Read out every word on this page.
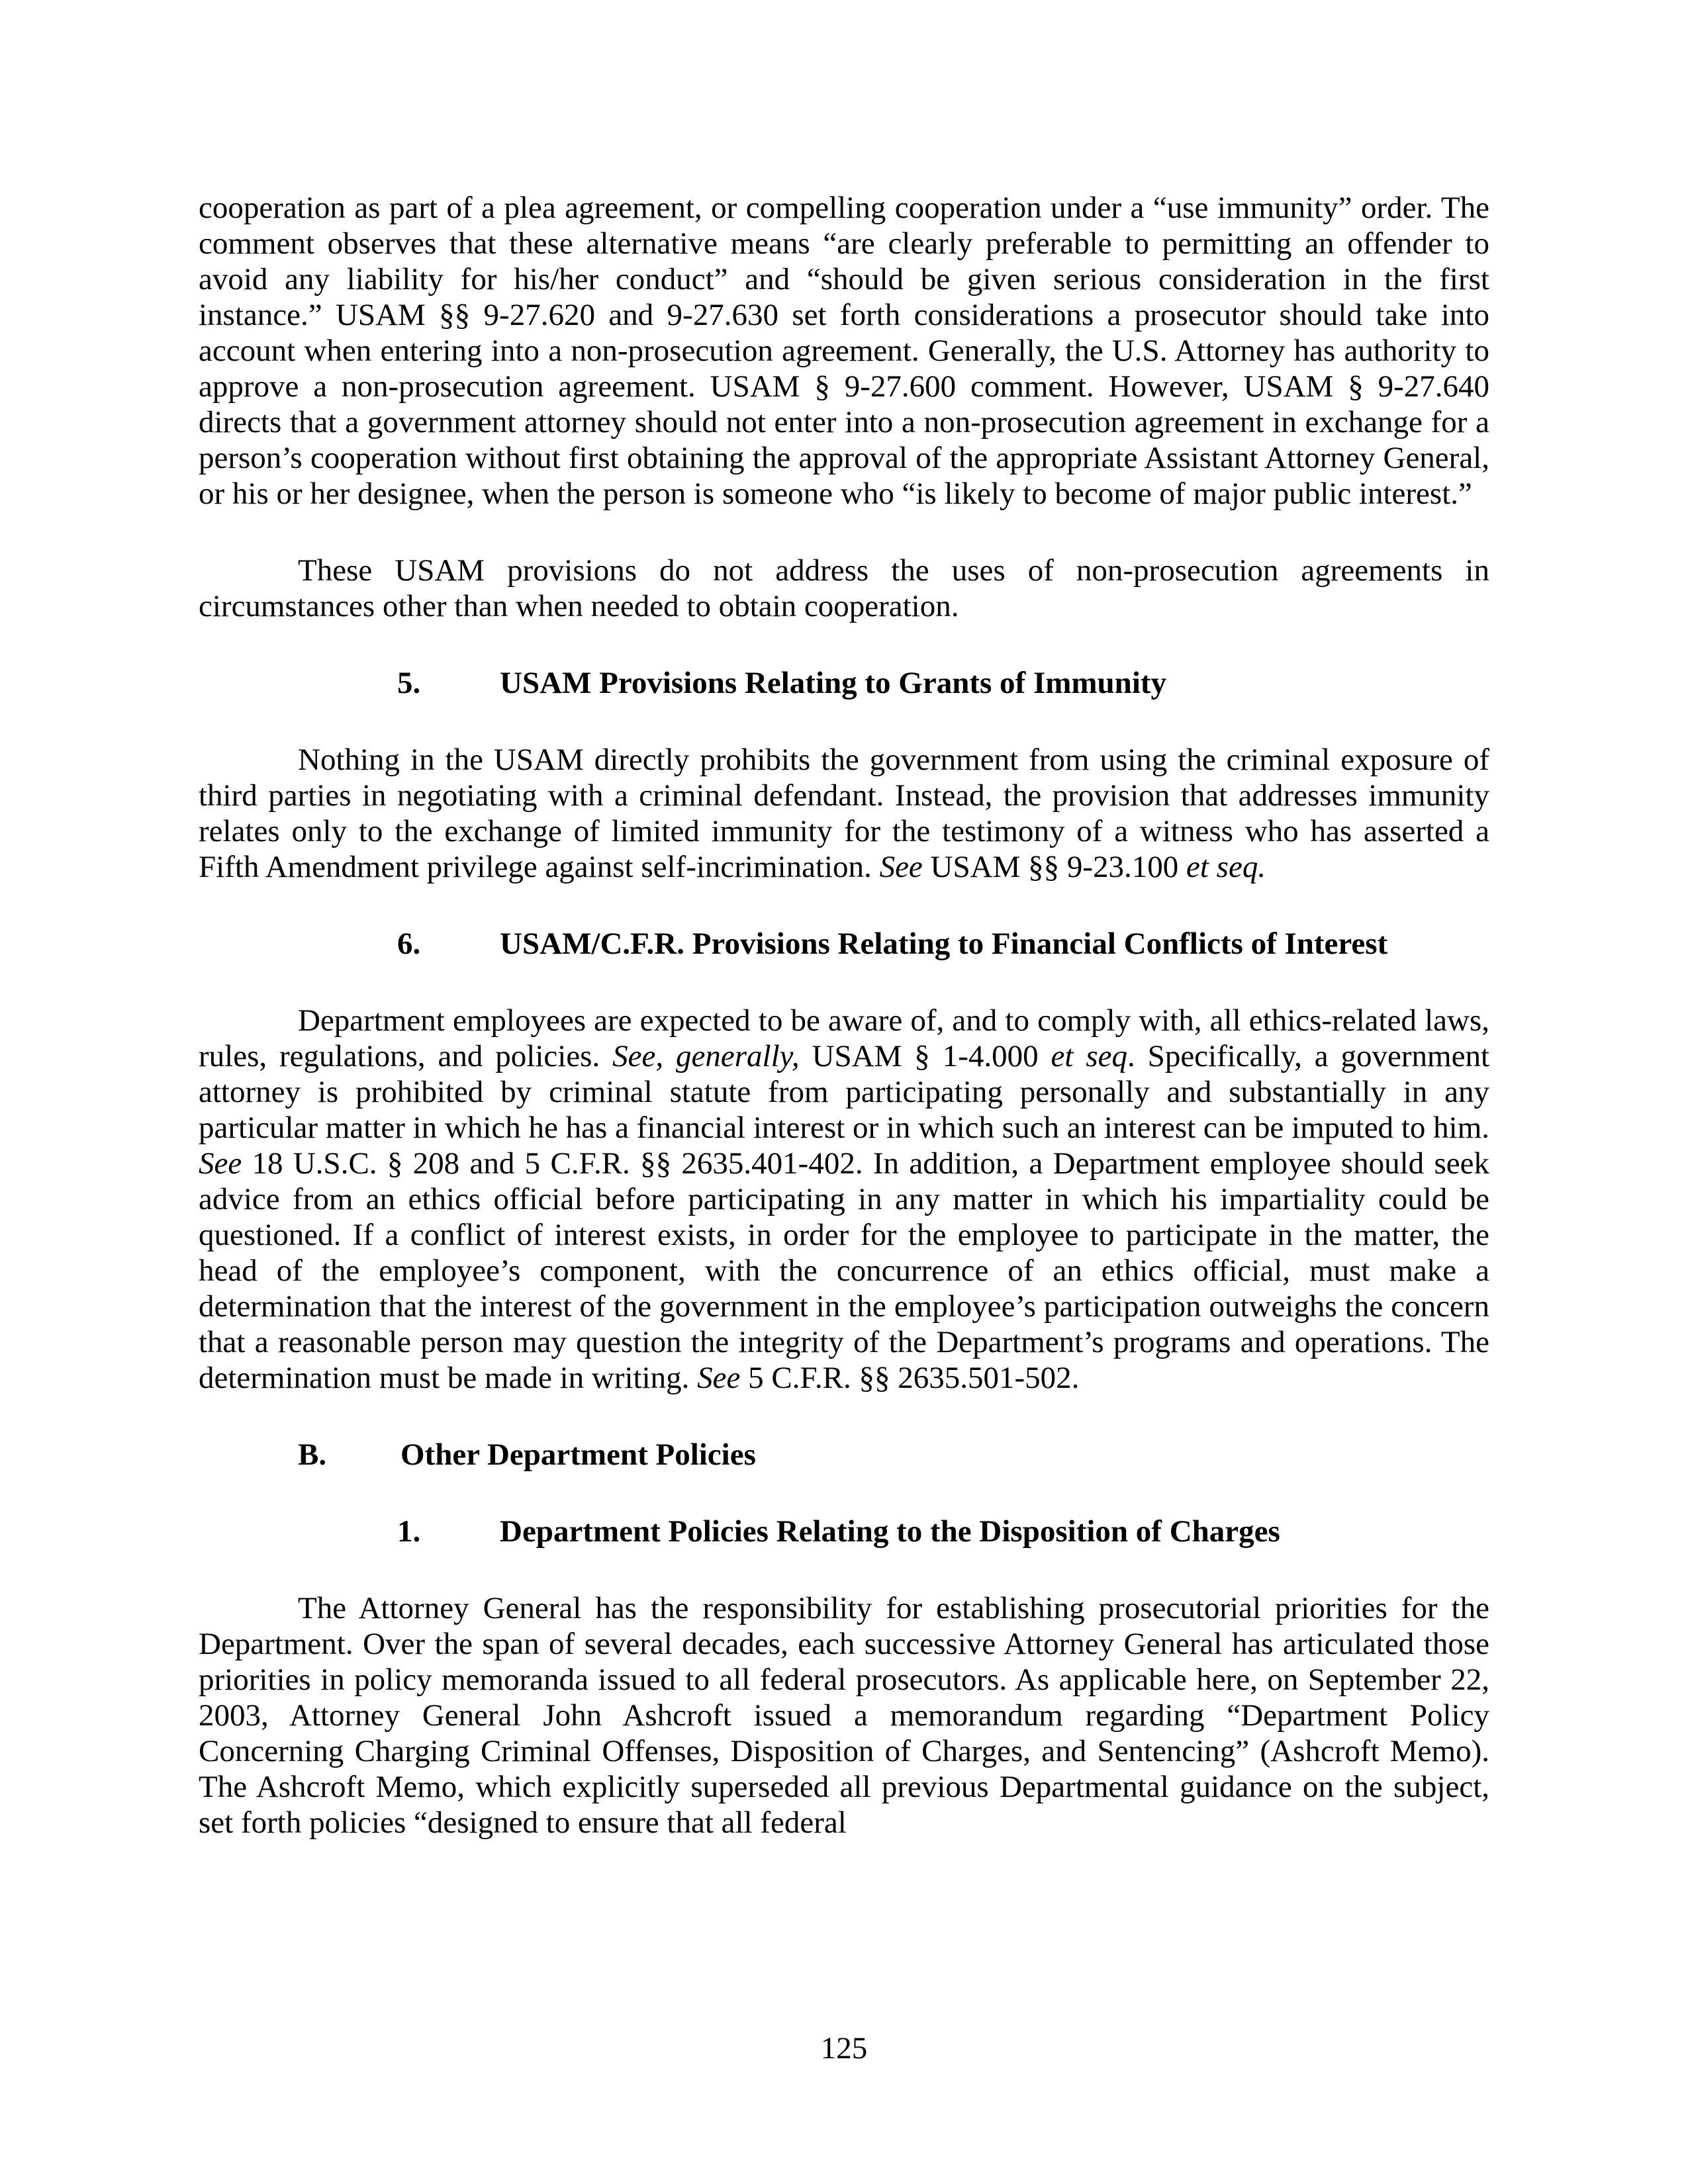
cooperation as part of a plea agreement, or compelling cooperation under a “use immunity” order. The comment observes that these alternative means “are clearly preferable to permitting an offender to avoid any liability for his/her conduct” and “should be given serious consideration in the first instance.” USAM §§ 9-27.620 and 9-27.630 set forth considerations a prosecutor should take into account when entering into a non-prosecution agreement. Generally, the U.S. Attorney has authority to approve a non-prosecution agreement. USAM § 9-27.600 comment. However, USAM § 9-27.640 directs that a government attorney should not enter into a non-prosecution agreement in exchange for a person’s cooperation without first obtaining the approval of the appropriate Assistant Attorney General, or his or her designee, when the person is someone who “is likely to become of major public interest.”

These USAM provisions do not address the uses of non-prosecution agreements in circumstances other than when needed to obtain cooperation.

5.	USAM Provisions Relating to Grants of Immunity

Nothing in the USAM directly prohibits the government from using the criminal exposure of third parties in negotiating with a criminal defendant. Instead, the provision that addresses immunity relates only to the exchange of limited immunity for the testimony of a witness who has asserted a Fifth Amendment privilege against self-incrimination. See USAM §§ 9-23.100 et seq.

6.	USAM/C.F.R. Provisions Relating to Financial Conflicts of Interest

Department employees are expected to be aware of, and to comply with, all ethics-related laws, rules, regulations, and policies. See, generally, USAM § 1-4.000 et seq. Specifically, a government attorney is prohibited by criminal statute from participating personally and substantially in any particular matter in which he has a financial interest or in which such an interest can be imputed to him. See 18 U.S.C. § 208 and 5 C.F.R. §§ 2635.401-402. In addition, a Department employee should seek advice from an ethics official before participating in any matter in which his impartiality could be questioned. If a conflict of interest exists, in order for the employee to participate in the matter, the head of the employee’s component, with the concurrence of an ethics official, must make a determination that the interest of the government in the employee’s participation outweighs the concern that a reasonable person may question the integrity of the Department’s programs and operations. The determination must be made in writing. See 5 C.F.R. §§ 2635.501-502.

B.	Other Department Policies
1.	Department Policies Relating to the Disposition of Charges

The Attorney General has the responsibility for establishing prosecutorial priorities for the Department. Over the span of several decades, each successive Attorney General has articulated those priorities in policy memoranda issued to all federal prosecutors. As applicable here, on September 22, 2003, Attorney General John Ashcroft issued a memorandum regarding “Department Policy Concerning Charging Criminal Offenses, Disposition of Charges, and Sentencing” (Ashcroft Memo). The Ashcroft Memo, which explicitly superseded all previous Departmental guidance on the subject, set forth policies “designed to ensure that all federal

125
